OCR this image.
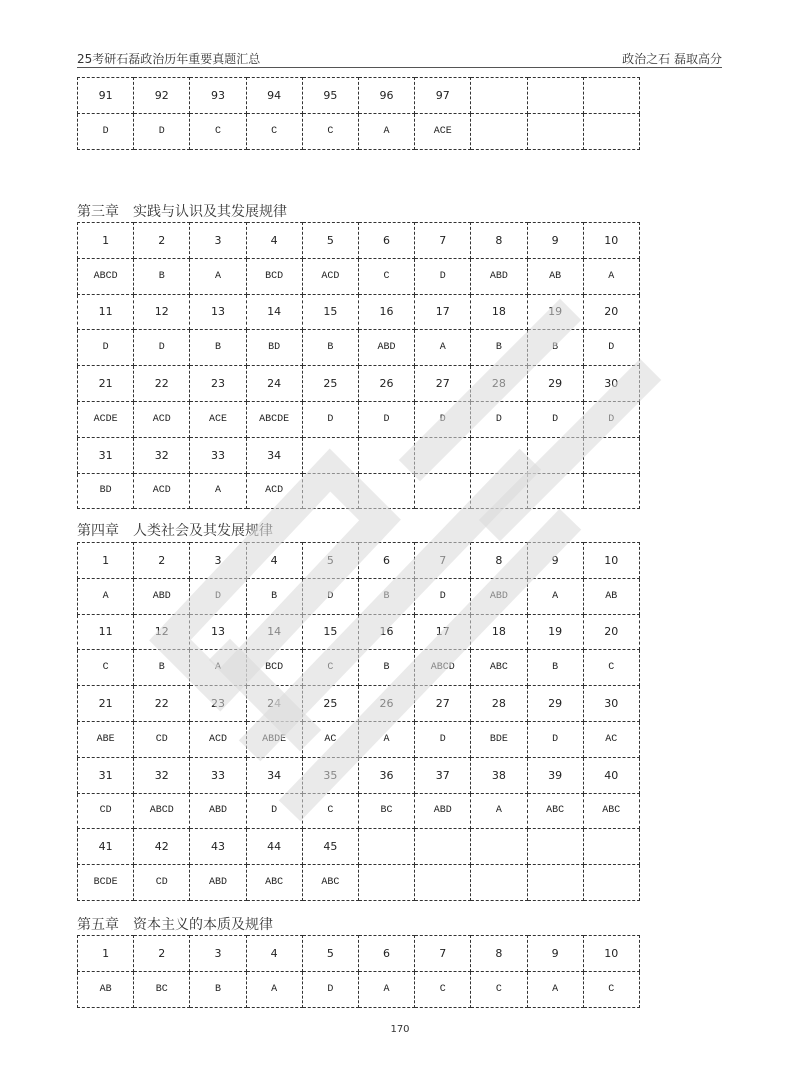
25考研石磊政治历年重要真题汇总	政治之石 磊取高分
91	92	93	94	95	96	97			
D	D	C	C	C	A	ACE			
第三章　实践与认识及其发展规律
1	2	3	4	5	6	7	8	9	10
ABCD	B	A	BCD	ACD	C	D	ABD	AB	A
11	12	13	14	15	16	17	18	19	20
D	D	B	BD	B	ABD	A	B	B	D
21	22	23	24	25	26	27	28	29	30
ACDE	ACD	ACE	ABCDE	D	D	D	D	D	D
31	32	33	34						
BD	ACD	A	ACD						
第四章　人类社会及其发展规律
1	2	3	4	5	6	7	8	9	10
A	ABD	D	B	D	B	D	ABD	A	AB
11	12	13	14	15	16	17	18	19	20
C	B	A	BCD	C	B	ABCD	ABC	B	C
21	22	23	24	25	26	27	28	29	30
ABE	CD	ACD	ABDE	AC	A	D	BDE	D	AC
31	32	33	34	35	36	37	38	39	40
CD	ABCD	ABD	D	C	BC	ABD	A	ABC	ABC
41	42	43	44	45					
BCDE	CD	ABD	ABC	ABC					
第五章　资本主义的本质及规律
1	2	3	4	5	6	7	8	9	10
AB	BC	B	A	D	A	C	C	A	C
170
